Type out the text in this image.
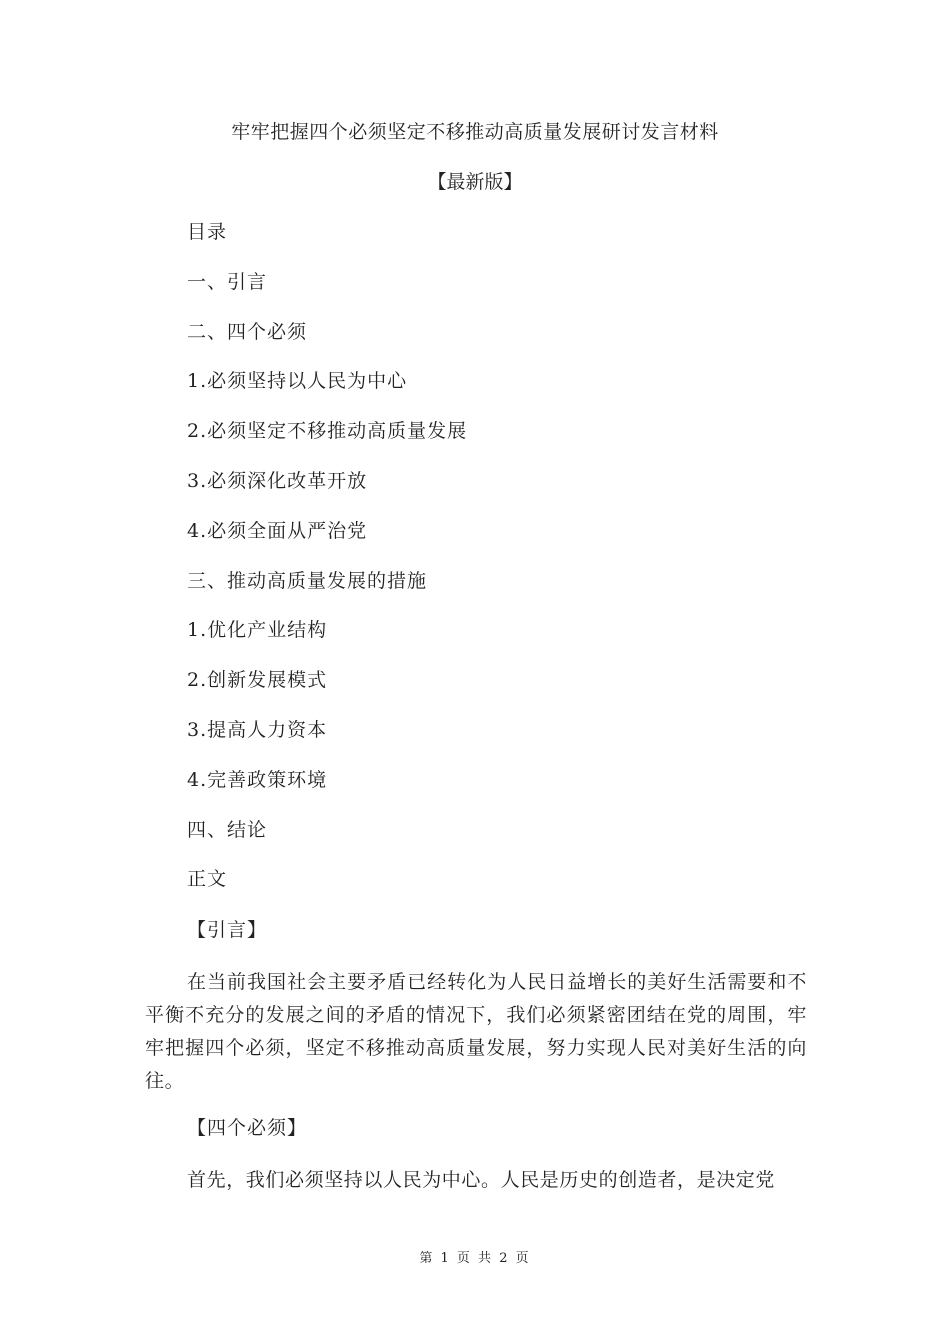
牢牢把握四个必须坚定不移推动高质量发展研讨发言材料
【最新版】
目录
一、引言
二、四个必须
1.必须坚持以人民为中心
2.必须坚定不移推动高质量发展
3.必须深化改革开放
4.必须全面从严治党
三、推动高质量发展的措施
1.优化产业结构
2.创新发展模式
3.提高人力资本
4.完善政策环境
四、结论
正文
【引言】

在当前我国社会主要矛盾已经转化为人民日益增长的美好生活需要和不平衡不充分的发展之间的矛盾的情况下，我们必须紧密团结在党的周围，牢牢把握四个必须，坚定不移推动高质量发展，努力实现人民对美好生活的向往。

【四个必须】

首先，我们必须坚持以人民为中心。人民是历史的创造者，是决定党

第 1 页 共 2 页
